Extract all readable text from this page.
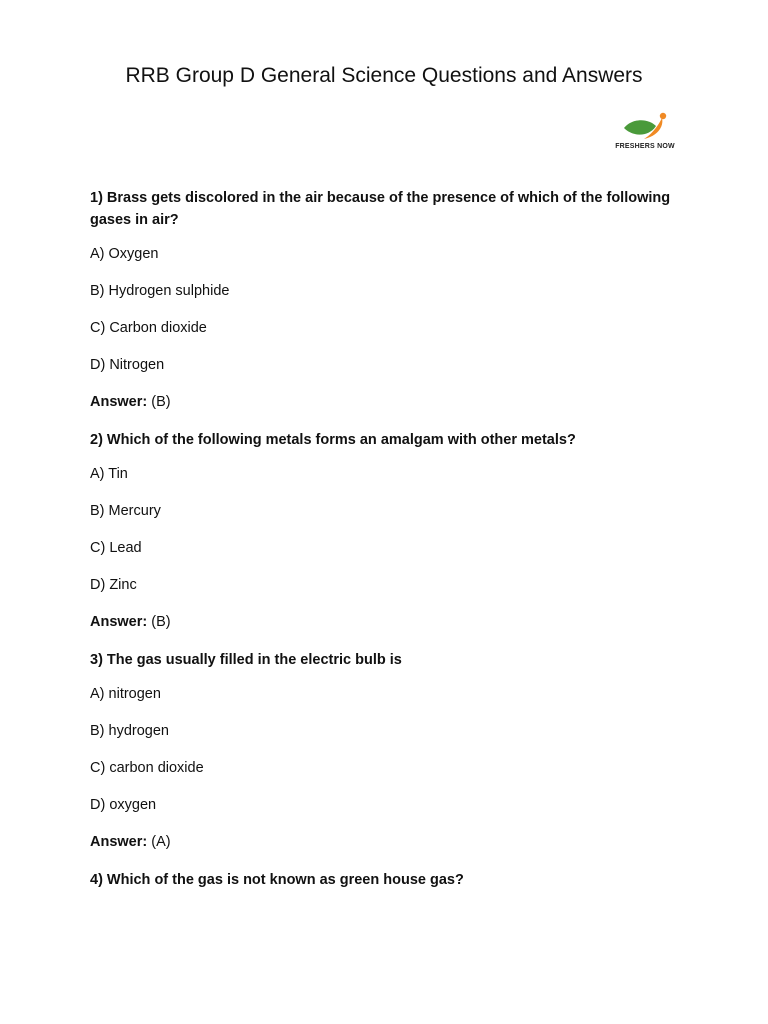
RRB Group D General Science Questions and Answers
FRESHERS NOW

1) Brass gets discolored in the air because of the presence of which of the following gases in air?

A) Oxygen

B) Hydrogen sulphide

C) Carbon dioxide

D) Nitrogen

Answer: (B)

2) Which of the following metals forms an amalgam with other metals?

A) Tin

B) Mercury

C) Lead

D) Zinc

Answer: (B)

3) The gas usually filled in the electric bulb is

A) nitrogen

B) hydrogen

C) carbon dioxide

D) oxygen

Answer: (A)

4) Which of the gas is not known as green house gas?
